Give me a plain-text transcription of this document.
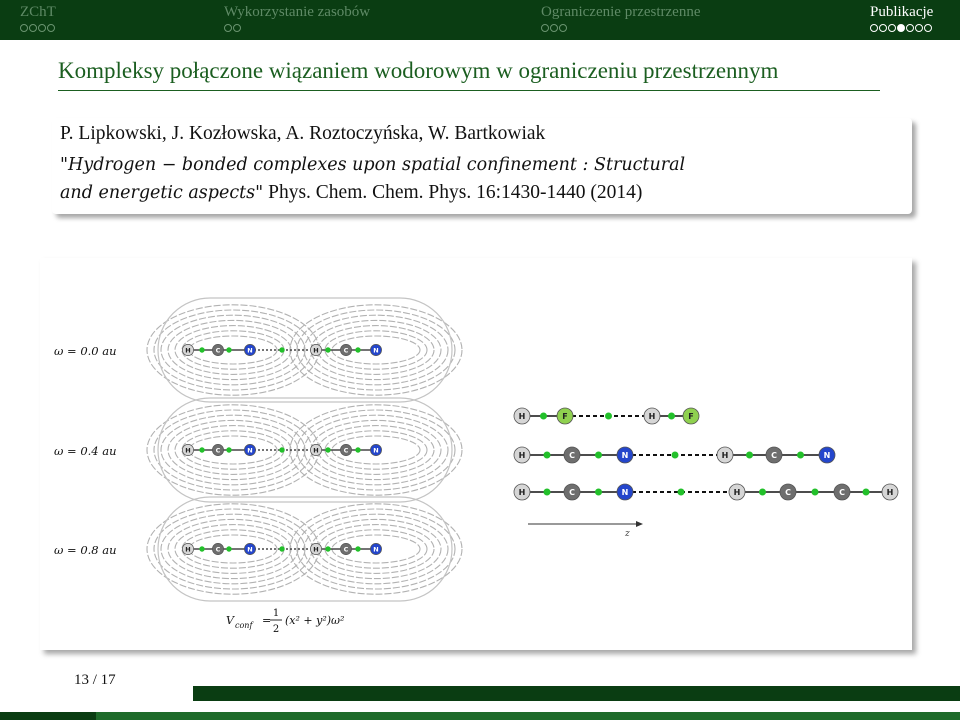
ZChT	Wykorzystanie zasobów	Ograniczenie przestrzenne	Publikacje
Kompleksy połączone wiązaniem wodorowym w ograniczeniu przestrzennym
P. Lipkowski, J. Kozłowska, A. Roztoczyńska, W. Bartkowiak
"Hydrogen − bonded complexes upon spatial confinement : Structural
and energetic aspects" Phys. Chem. Chem. Phys. 16:1430-1440 (2014)
ω = 0.0 au	H	C	N	H	C	N
ω = 0.4 au	H	C	N	H	C	N
ω = 0.8 au	H	C	N	H	C	N
V conf =
1
2
(x² + y²)ω²
H	F	H	F
H	C	N	H	C	N
H	C	N	H	C	C	H
z
13 / 17
